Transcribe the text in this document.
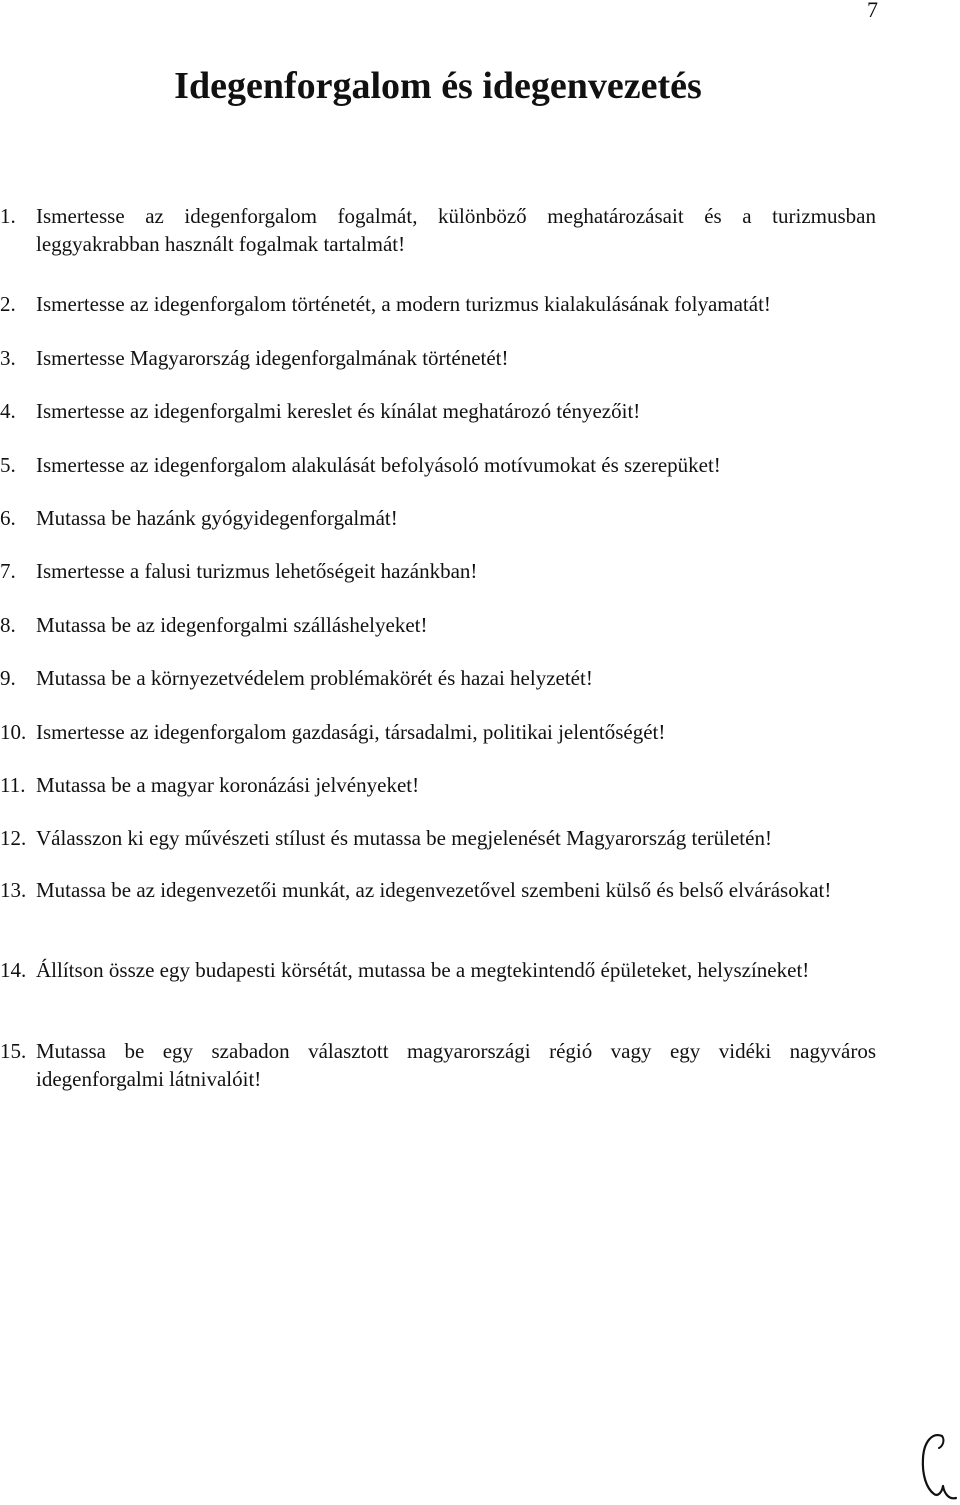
7
Idegenforgalom és idegenvezetés
1. Ismertesse az idegenforgalom fogalmát, különböző meghatározásait és a turizmusban leggyakrabban használt fogalmak tartalmát!
2. Ismertesse az idegenforgalom történetét, a modern turizmus kialakulásának folyamatát!
3. Ismertesse Magyarország idegenforgalmának történetét!
4. Ismertesse az idegenforgalmi kereslet és kínálat meghatározó tényezőit!
5. Ismertesse az idegenforgalom alakulását befolyásoló motívumokat és szerepüket!
6. Mutassa be hazánk gyógyidegenforgalmát!
7. Ismertesse a falusi turizmus lehetőségeit hazánkban!
8. Mutassa be az idegenforgalmi szálláshelyeket!
9. Mutassa be a környezetvédelem problémakörét és hazai helyzetét!
10. Ismertesse az idegenforgalom gazdasági, társadalmi, politikai jelentőségét!
11. Mutassa be a magyar koronázási jelvényeket!
12. Válasszon ki egy művészeti stílust és mutassa be megjelenését Magyarország területén!
13. Mutassa be az idegenvezetői munkát, az idegenvezetővel szembeni külső és belső elvárásokat!
14. Állítson össze egy budapesti körsétát, mutassa be a megtekintendő épületeket, helyszíneket!
15. Mutassa be egy szabadon választott magyarországi régió vagy egy vidéki nagyváros idegenforgalmi látnivalóit!
